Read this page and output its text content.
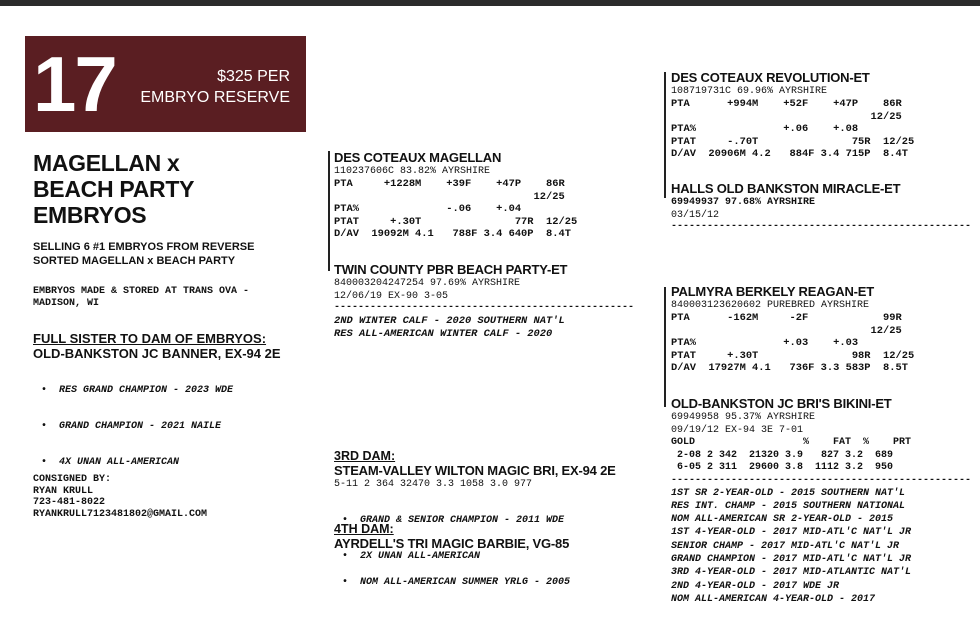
17	$325 PER
EMBRYO RESERVE
MAGELLAN x
BEACH PARTY
EMBRYOS
SELLING 6 #1 EMBRYOS FROM REVERSE
SORTED MAGELLAN x BEACH PARTY
EMBRYOS MADE & STORED AT TRANS OVA -
MADISON, WI
FULL SISTER TO DAM OF EMBRYOS:
OLD-BANKSTON JC BANNER, EX-94 2E

•  RES GRAND CHAMPION - 2023 WDE

•  GRAND CHAMPION - 2021 NAILE

•  4X UNAN ALL-AMERICAN

CONSIGNED BY:
RYAN KRULL
723-481-8022
RYANKRULL7123481802@GMAIL.COM
DES COTEAUX MAGELLAN
110237606C 83.82% AYRSHIRE
PTA     +1228M    +39F    +47P    86R
12/25
PTA%              -.06    +.04
PTAT     +.30T               77R  12/25
D/AV  19092M 4.1   788F 3.4 640P  8.4T
TWIN COUNTY PBR BEACH PARTY-ET
840003204247254 97.69% AYRSHIRE
12/06/19 EX-90 3-05
--------------------------------------------------
2ND WINTER CALF - 2020 SOUTHERN NAT'L
RES ALL-AMERICAN WINTER CALF - 2020
3RD DAM:
STEAM-VALLEY WILTON MAGIC BRI, EX-94 2E
5-11 2 364 32470 3.3 1058 3.0 977

•  GRAND & SENIOR CHAMPION - 2011 WDE

•  2X UNAN ALL-AMERICAN

4TH DAM:
AYRDELL'S TRI MAGIC BARBIE, VG-85

•  NOM ALL-AMERICAN SUMMER YRLG - 2005

DES COTEAUX REVOLUTION-ET
108719731C 69.96% AYRSHIRE
PTA      +994M    +52F    +47P    86R
12/25
PTA%              +.06    +.08
PTAT     -.70T               75R  12/25
D/AV  20906M 4.2   884F 3.4 715P  8.4T
HALLS OLD BANKSTON MIRACLE-ET
69949937 97.68% AYRSHIRE
03/15/12
--------------------------------------------------
PALMYRA BERKELY REAGAN-ET
840003123620602 PUREBRED AYRSHIRE
PTA      -162M     -2F            99R
12/25
PTA%              +.03    +.03
PTAT     +.30T               98R  12/25
D/AV  17927M 4.1   736F 3.3 583P  8.5T
OLD-BANKSTON JC BRI'S BIKINI-ET
69949958 95.37% AYRSHIRE
09/19/12 EX-94 3E 7-01
GOLD                  %    FAT  %    PRT
2-08 2 342  21320 3.9   827 3.2  689
6-05 2 311  29600 3.8  1112 3.2  950
--------------------------------------------------
1ST SR 2-YEAR-OLD - 2015 SOUTHERN NAT'L
RES INT. CHAMP - 2015 SOUTHERN NATIONAL
NOM ALL-AMERICAN SR 2-YEAR-OLD - 2015
1ST 4-YEAR-OLD - 2017 MID-ATL'C NAT'L JR
SENIOR CHAMP - 2017 MID-ATL'C NAT'L JR
GRAND CHAMPION - 2017 MID-ATL'C NAT'L JR
3RD 4-YEAR-OLD - 2017 MID-ATLANTIC NAT'L
2ND 4-YEAR-OLD - 2017 WDE JR
NOM ALL-AMERICAN 4-YEAR-OLD - 2017
